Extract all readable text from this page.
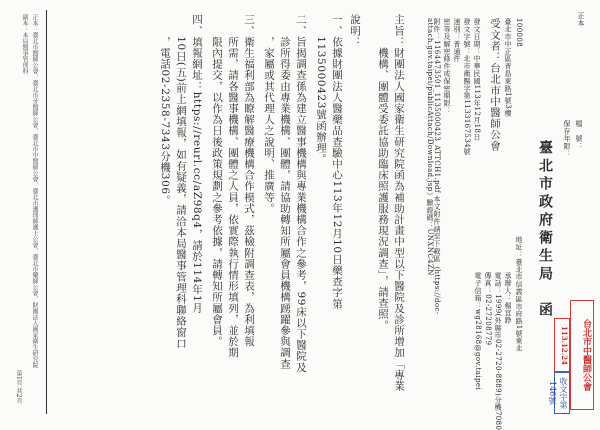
正本
檔　號：
保存年限：
臺北市政府衛生局　函
地址：臺北市信義區市府路1號東北
承辦人：楊宜錚
電話：1999(外縣市02-2720-8889)分機7080
傳真：02-27208779
電子信箱：wg28168@gov.taipei
100008
臺北市中正區青島東路1號3樓
受文者：台北市中醫師公會
發文日期：中華民國113年12月18日
發文字號：北市衛醫字第1133167534號
速別：普通件
密等及解密條件或保密期限：
附件：1164473501_1135000423_ATTCH1.pdf 本文附件請至下載區（https://doc-attach.gov.taipei/publicAttach/Download.jsp）驗證碼：UNXNC4ZN
主旨：財團法人國家衛生研究院函為補助計畫中型以下醫院及診所增加「專業
　　　機構、團體受委託協助臨床照護服務現況調查」，請查照。
說明：
一、依據財團法人醫藥品查驗中心113年12月10日藥查字第
　　1135000423號函辦理。
二、旨揭調查係為建立醫事機構與專業機構合作之參考，99床以下醫院及
　　診所得委由專業機構、團體，請協助轉知所屬會員機構踴躍參與調查
　　，家屬或其代理人之說明、推廣等。
三、衛生福利部為瞭解醫療機構合作模式，茲檢附調查表，為利填報
　　所需，請各醫事機構、團體之人員，依實際執行情形填列，並於期
　　限內提交，以作為日後政策規劃之參考依據，請轉知所屬會員。
四、填報網址：https://reurl.cc/aZ98q4，請於114年1月
　　10日(五)前上網填報，如有疑義，請洽本局醫事管理科聯絡窗口
　　，電話02-2358-7343分機306。
正本：臺北市醫師公會、臺北市牙醫師公會、臺北市中醫師公會、臺北市護理師護士公會、臺北市藥師公會、財團法人國家衛生研究院
副本：本局醫事管理科
第1頁 共2頁	台北市中醫師公會
113.12.24
收文字第146號
